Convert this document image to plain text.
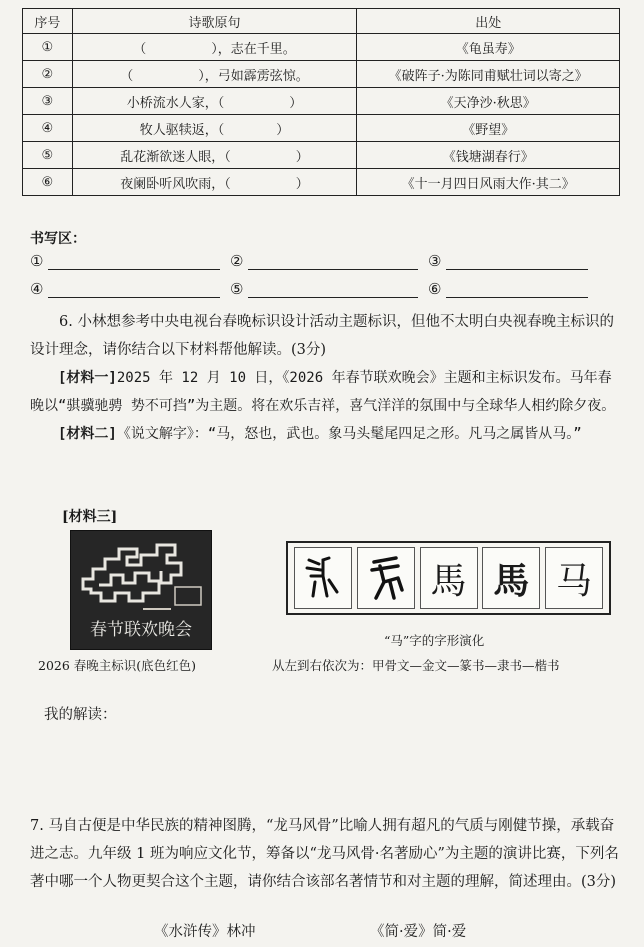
序号	诗歌原句	出处
①	（　　　　　），志在千里。	《龟虽寿》
②	（　　　　　），弓如霹雳弦惊。	《破阵子·为陈同甫赋壮词以寄之》
③	小桥流水人家，（　　　　　）	《天净沙·秋思》
④	牧人驱犊返，（　　　　）	《野望》
⑤	乱花渐欲迷人眼，（　　　　　）	《钱塘湖春行》
⑥	夜阑卧听风吹雨，（　　　　　）	《十一月四日风雨大作·其二》
书写区：
①	②	③
④	⑤	⑥

6. 小林想参考中央电视台春晚标识设计活动主题标识，但他不太明白央视春晚主标识的设计理念，请你结合以下材料帮他解读。(3分)

[材料一]2025 年 12 月 10 日，《2026 年春节联欢晚会》主题和主标识发布。马年春晚以“骐骥驰骋 势不可挡”为主题。将在欢乐吉祥，喜气洋洋的氛围中与全球华人相约除夕夜。

[材料二]《说文解字》：“马，怒也，武也。象马头髦尾四足之形。凡马之属皆从马。”

[材料三]
春节联欢晚会
2026 春晚主标识(底色红色)
馬 馬 马
“马”字的字形演化
从左到右依次为：甲骨文—金文—篆书—隶书—楷书
我的解读：

7. 马自古便是中华民族的精神图腾，“龙马风骨”比喻人拥有超凡的气质与刚健节操，承载奋进之志。九年级 1 班为响应文化节，筹备以“龙马风骨·名著励心”为主题的演讲比赛，下列名著中哪一个人物更契合这个主题，请你结合该部名著情节和对主题的理解，简述理由。(3分)

《水浒传》林冲	《简·爱》简·爱
